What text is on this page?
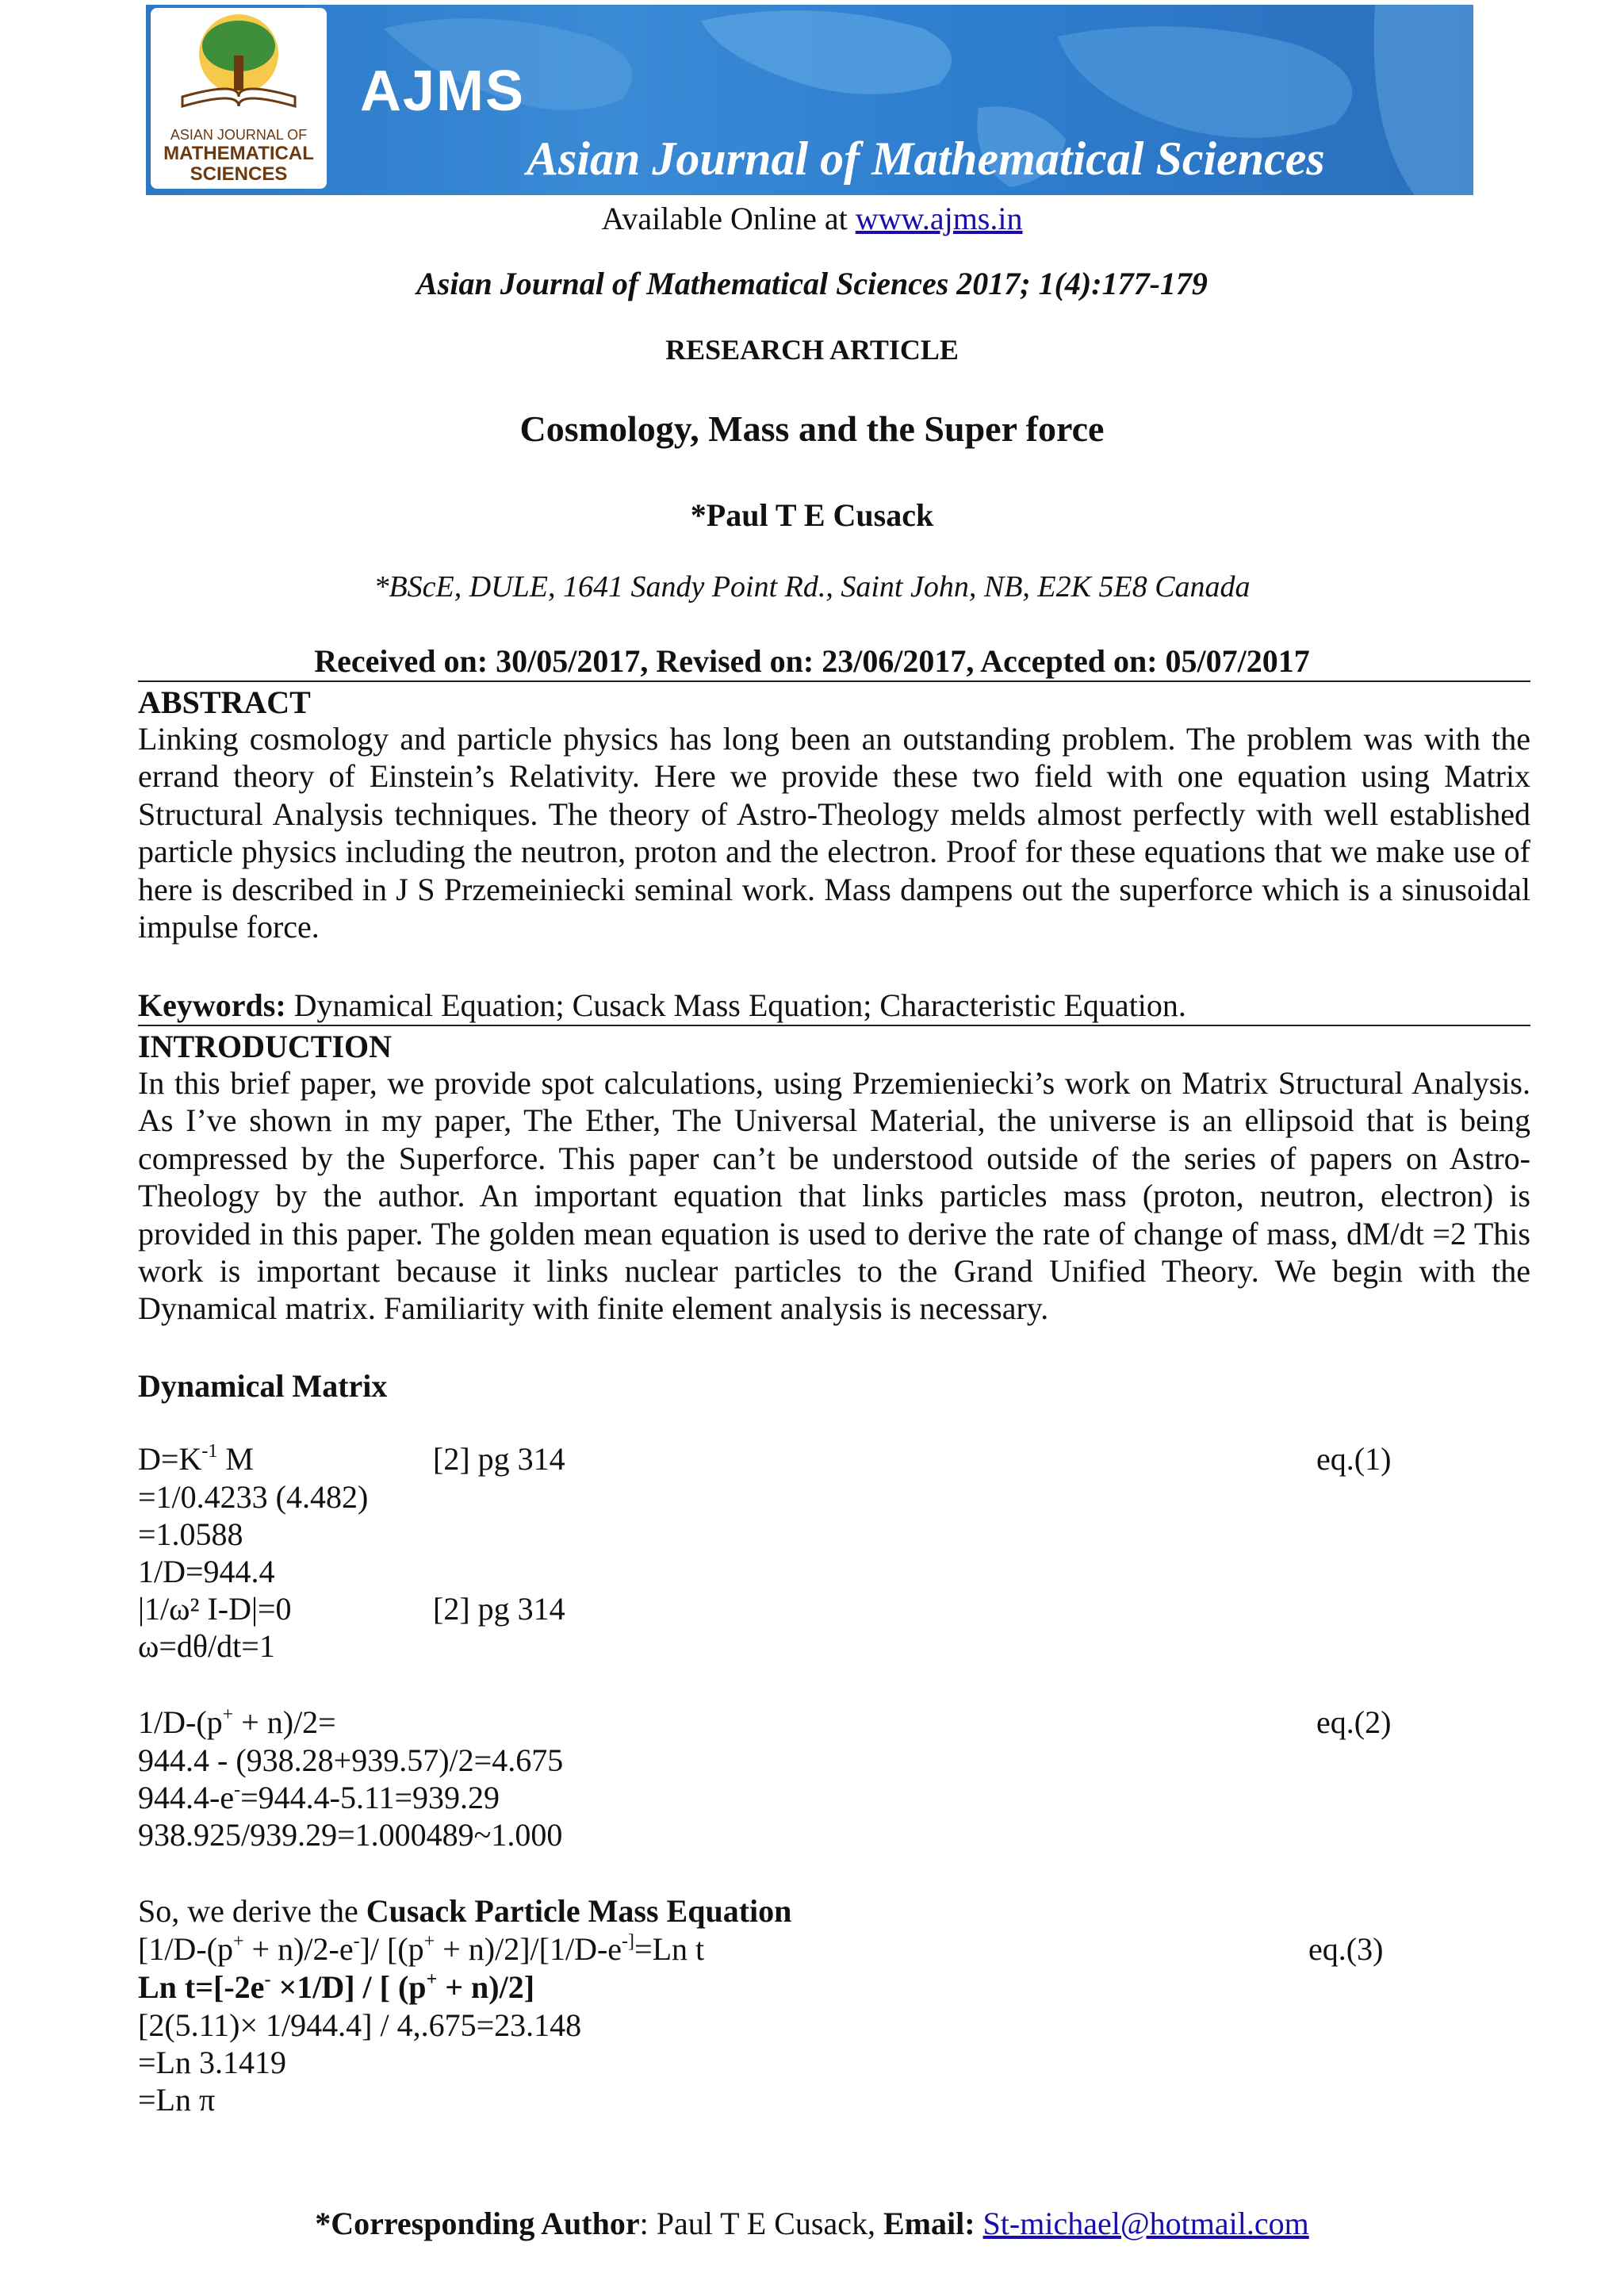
ASIAN JOURNAL OF
MATHEMATICAL
SCIENCES
AJMS
Asian Journal of Mathematical Sciences
Available Online at www.ajms.in
Asian Journal of Mathematical Sciences 2017; 1(4):177-179
RESEARCH ARTICLE
Cosmology, Mass and the Super force
*Paul T E Cusack
*BScE, DULE, 1641 Sandy Point Rd., Saint John, NB, E2K 5E8 Canada
Received on: 30/05/2017, Revised on: 23/06/2017, Accepted on: 05/07/2017
ABSTRACT
Linking cosmology and particle physics has long been an outstanding problem. The problem was with the errand theory of Einstein’s Relativity. Here we provide these two field with one equation using Matrix Structural Analysis techniques. The theory of Astro-Theology melds almost perfectly with well established particle physics including the neutron, proton and the electron. Proof for these equations that we make use of here is described in J S Przemeiniecki seminal work. Mass dampens out the superforce which is a sinusoidal impulse force.
Keywords: Dynamical Equation; Cusack Mass Equation; Characteristic Equation.
INTRODUCTION
In this brief paper, we provide spot calculations, using Przemieniecki’s work on Matrix Structural Analysis. As I’ve shown in my paper, The Ether, The Universal Material, the universe is an ellipsoid that is being compressed by the Superforce. This paper can’t be understood outside of the series of papers on Astro-Theology by the author. An important equation that links particles mass (proton, neutron, electron) is provided in this paper. The golden mean equation is used to derive the rate of change of mass, dM/dt =2 This work is important because it links nuclear particles to the Grand Unified Theory. We begin with the Dynamical matrix. Familiarity with finite element analysis is necessary.
Dynamical Matrix
$D=K^{-1}$ M	[2] pg 314	eq.(1)
=1/0.4233 (4.482)
=1.0588
1/D=944.4
|1/ω² I-D|=0	[2] pg 314
ω=dθ/dt=1
1/D-(p+ + n)/2=	eq.(2)
944.4 - (938.28+939.57)/2=4.675
944.4-e-=944.4-5.11=939.29
938.925/939.29=1.000489~1.000
So, we derive the Cusack Particle Mass Equation
[1/D-(p+ + n)/2-e-]/ [(p+ + n)/2]/[1/D-e-]=Ln t	eq.(3)
Ln t=[-2e- ×1/D] / [ (p+ + n)/2]
[2(5.11)× 1/944.4] / 4,.675=23.148
=Ln 3.1419
=Ln π
*Corresponding Author: Paul T E Cusack, Email: St-michael@hotmail.com
